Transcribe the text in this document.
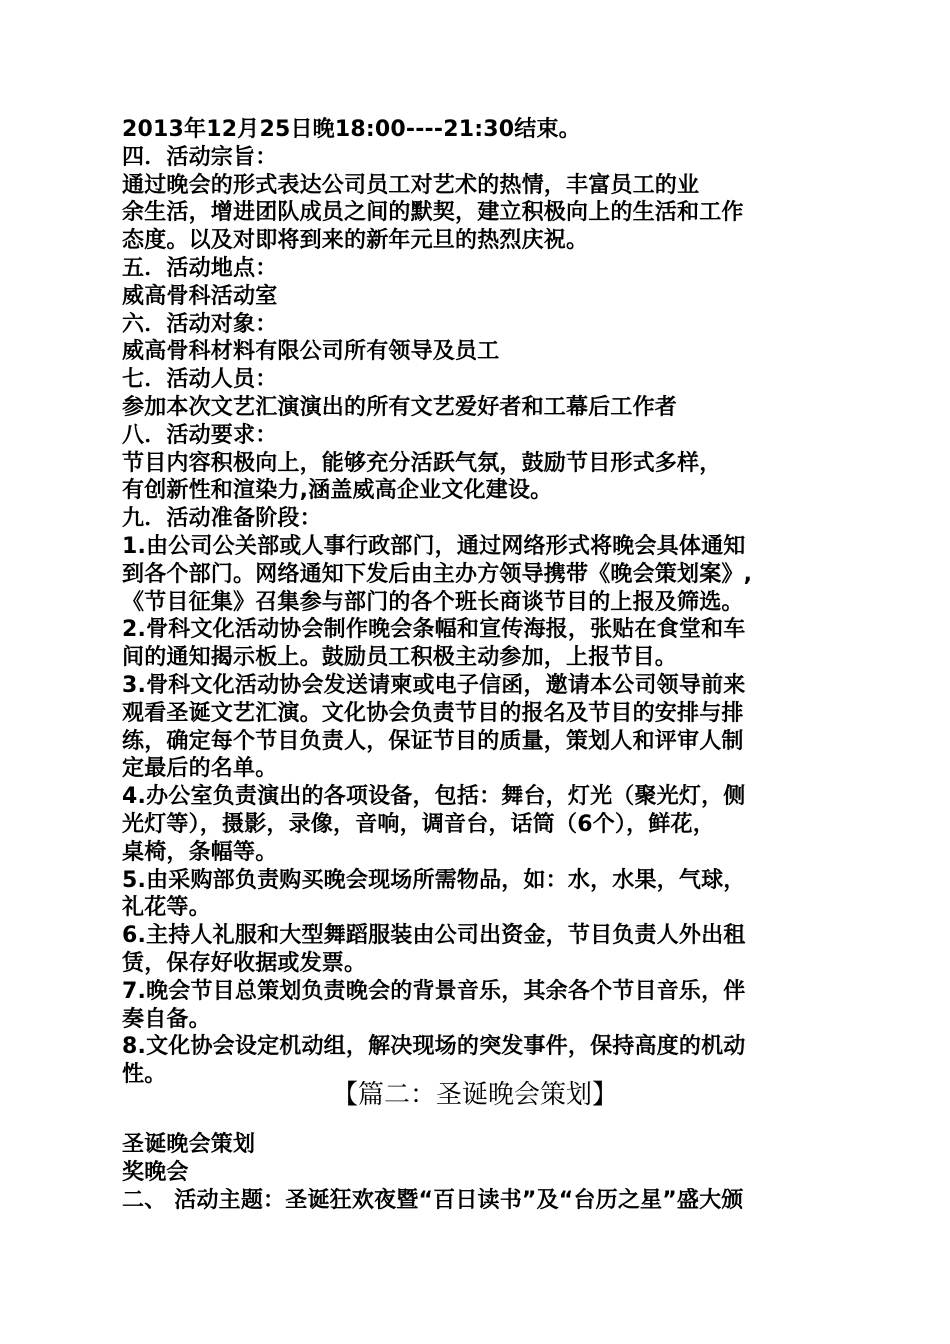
2013年12月25日晚18:00----21:30结束。
四．活动宗旨：
通过晚会的形式表达公司员工对艺术的热情，丰富员工的业
余生活，增进团队成员之间的默契，建立积极向上的生活和工作
态度。以及对即将到来的新年元旦的热烈庆祝。
五．活动地点：
威高骨科活动室
六．活动对象：
威高骨科材料有限公司所有领导及员工
七．活动人员：
参加本次文艺汇演演出的所有文艺爱好者和工幕后工作者
八．活动要求：
节目内容积极向上，能够充分活跃气氛，鼓励节目形式多样，
有创新性和渲染力,涵盖威高企业文化建设。
九．活动准备阶段：
1.由公司公关部或人事行政部门，通过网络形式将晚会具体通知
到各个部门。网络通知下发后由主办方领导携带《晚会策划案》,
《节目征集》召集参与部门的各个班长商谈节目的上报及筛选。
2.骨科文化活动协会制作晚会条幅和宣传海报，张贴在食堂和车
间的通知揭示板上。鼓励员工积极主动参加，上报节目。
3.骨科文化活动协会发送请柬或电子信函，邀请本公司领导前来
观看圣诞文艺汇演。文化协会负责节目的报名及节目的安排与排
练，确定每个节目负责人，保证节目的质量，策划人和评审人制
定最后的名单。
4.办公室负责演出的各项设备，包括：舞台，灯光（聚光灯，侧
光灯等），摄影，录像，音响，调音台，话筒（6个），鲜花，
桌椅，条幅等。
5.由采购部负责购买晚会现场所需物品，如：水，水果，气球，
礼花等。
6.主持人礼服和大型舞蹈服装由公司出资金，节目负责人外出租
赁，保存好收据或发票。
7.晚会节目总策划负责晚会的背景音乐，其余各个节目音乐，伴
奏自备。
8.文化协会设定机动组，解决现场的突发事件，保持高度的机动
性。
【篇二：圣诞晚会策划】
圣诞晚会策划
奖晚会
二、 活动主题：圣诞狂欢夜暨“百日读书”及“台历之星”盛大颁
